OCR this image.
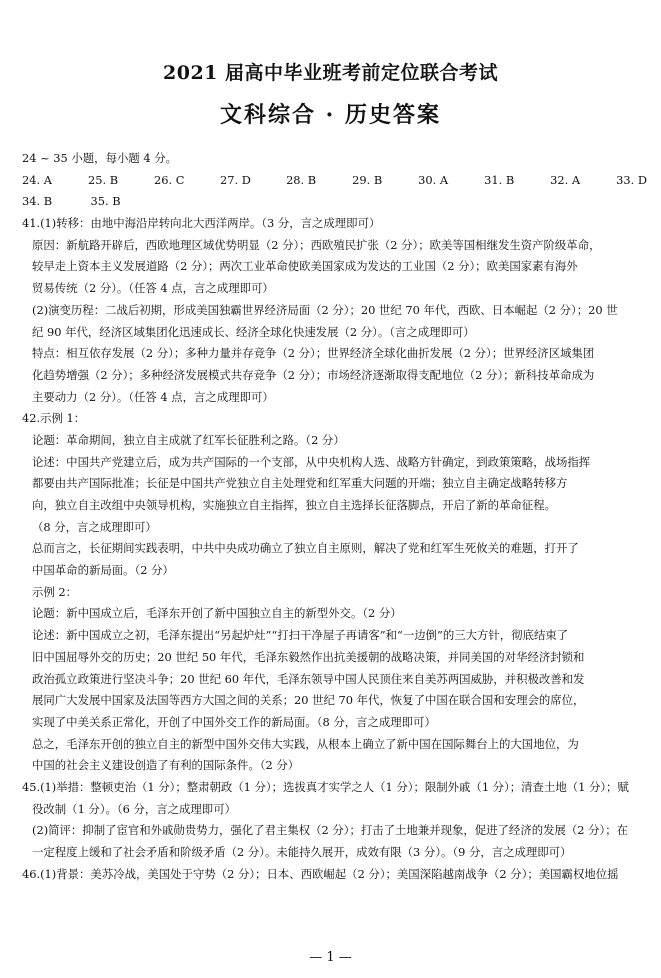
2021 届高中毕业班考前定位联合考试
文科综合 · 历史答案
24 ~ 35 小题，每小题 4 分。
24. A	25. B	26. C	27. D	28. B	29. B	30. A	31. B	32. A	33. D
34. B	35. B
41.(1)转移：由地中海沿岸转向北大西洋两岸。（3 分，言之成理即可）
原因：新航路开辟后，西欧地理区域优势明显（2 分）；西欧殖民扩张（2 分）；欧美等国相继发生资产阶级革命，
较早走上资本主义发展道路（2 分）；两次工业革命使欧美国家成为发达的工业国（2 分）；欧美国家素有海外
贸易传统（2 分）。（任答 4 点，言之成理即可）
(2)演变历程：二战后初期，形成美国独霸世界经济局面（2 分）；20 世纪 70 年代，西欧、日本崛起（2 分）；20 世
纪 90 年代，经济区域集团化迅速成长、经济全球化快速发展（2 分）。（言之成理即可）
特点：相互依存发展（2 分）；多种力量并存竞争（2 分）；世界经济全球化曲折发展（2 分）；世界经济区域集团
化趋势增强（2 分）；多种经济发展模式共存竞争（2 分）；市场经济逐渐取得支配地位（2 分）；新科技革命成为
主要动力（2 分）。（任答 4 点，言之成理即可）
42.示例 1：
论题：革命期间，独立自主成就了红军长征胜利之路。（2 分）
论述：中国共产党建立后，成为共产国际的一个支部，从中央机构人选、战略方针确定，到政策策略，战场指挥
都要由共产国际批准；长征是中国共产党独立自主处理党和红军重大问题的开端；独立自主确定战略转移方
向，独立自主改组中央领导机构，实施独立自主指挥，独立自主选择长征落脚点，开启了新的革命征程。
（8 分，言之成理即可）
总而言之，长征期间实践表明，中共中央成功确立了独立自主原则，解决了党和红军生死攸关的难题，打开了
中国革命的新局面。（2 分）
示例 2：
论题：新中国成立后，毛泽东开创了新中国独立自主的新型外交。（2 分）
论述：新中国成立之初，毛泽东提出“另起炉灶”“打扫干净屋子再请客”和“一边倒”的三大方针，彻底结束了
旧中国屈辱外交的历史；20 世纪 50 年代，毛泽东毅然作出抗美援朝的战略决策，并同美国的对华经济封锁和
政治孤立政策进行坚决斗争；20 世纪 60 年代，毛泽东领导中国人民顶住来自美苏两国威胁，并积极改善和发
展同广大发展中国家及法国等西方大国之间的关系；20 世纪 70 年代，恢复了中国在联合国和安理会的席位，
实现了中美关系正常化，开创了中国外交工作的新局面。（8 分，言之成理即可）
总之，毛泽东开创的独立自主的新型中国外交伟大实践，从根本上确立了新中国在国际舞台上的大国地位，为
中国的社会主义建设创造了有利的国际条件。（2 分）
45.(1)举措：整顿吏治（1 分）；整肃朝政（1 分）；选拔真才实学之人（1 分）；限制外戚（1 分）；清查土地（1 分）；赋
役改制（1 分）。（6 分，言之成理即可）
(2)简评：抑制了宦官和外戚勋贵势力，强化了君主集权（2 分）；打击了土地兼并现象，促进了经济的发展（2 分）；在
一定程度上缓和了社会矛盾和阶级矛盾（2 分）。未能持久展开，成效有限（3 分）。（9 分，言之成理即可）
46.(1)背景：美苏冷战，美国处于守势（2 分）；日本、西欧崛起（2 分）；美国深陷越南战争（2 分）；美国霸权地位摇
— 1 —
